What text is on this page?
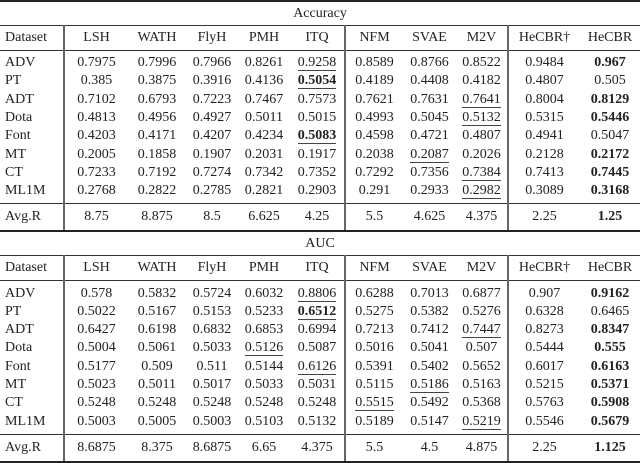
Accuracy										
Dataset	LSH	WATH	FlyH	PMH	ITQ	NFM	SVAE	M2V	HeCBR†	HeCBR
ADV	0.7975	0.7996	0.7966	0.8261	0.9258	0.8589	0.8766	0.8522	0.9484	0.967
PT	0.385	0.3875	0.3916	0.4136	0.5054	0.4189	0.4408	0.4182	0.4807	0.505
ADT	0.7102	0.6793	0.7223	0.7467	0.7573	0.7621	0.7631	0.7641	0.8004	0.8129
Dota	0.4813	0.4956	0.4927	0.5011	0.5015	0.4993	0.5045	0.5132	0.5315	0.5446
Font	0.4203	0.4171	0.4207	0.4234	0.5083	0.4598	0.4721	0.4807	0.4941	0.5047
MT	0.2005	0.1858	0.1907	0.2031	0.1917	0.2038	0.2087	0.2026	0.2128	0.2172
CT	0.7233	0.7192	0.7274	0.7342	0.7352	0.7292	0.7356	0.7384	0.7413	0.7445
ML1M	0.2768	0.2822	0.2785	0.2821	0.2903	0.291	0.2933	0.2982	0.3089	0.3168
Avg.R	8.75	8.875	8.5	6.625	4.25	5.5	4.625	4.375	2.25	1.25
AUC										
Dataset	LSH	WATH	FlyH	PMH	ITQ	NFM	SVAE	M2V	HeCBR†	HeCBR
ADV	0.578	0.5832	0.5724	0.6032	0.8806	0.6288	0.7013	0.6877	0.907	0.9162
PT	0.5022	0.5167	0.5153	0.5233	0.6512	0.5275	0.5382	0.5276	0.6328	0.6465
ADT	0.6427	0.6198	0.6832	0.6853	0.6994	0.7213	0.7412	0.7447	0.8273	0.8347
Dota	0.5004	0.5061	0.5033	0.5126	0.5087	0.5016	0.5041	0.507	0.5444	0.555
Font	0.5177	0.509	0.511	0.5144	0.6126	0.5391	0.5402	0.5652	0.6017	0.6163
MT	0.5023	0.5011	0.5017	0.5033	0.5031	0.5115	0.5186	0.5163	0.5215	0.5371
CT	0.5248	0.5248	0.5248	0.5248	0.5248	0.5515	0.5492	0.5368	0.5763	0.5908
ML1M	0.5003	0.5005	0.5003	0.5103	0.5132	0.5189	0.5147	0.5219	0.5546	0.5679
Avg.R	8.6875	8.375	8.6875	6.65	4.375	5.5	4.5	4.875	2.25	1.125
